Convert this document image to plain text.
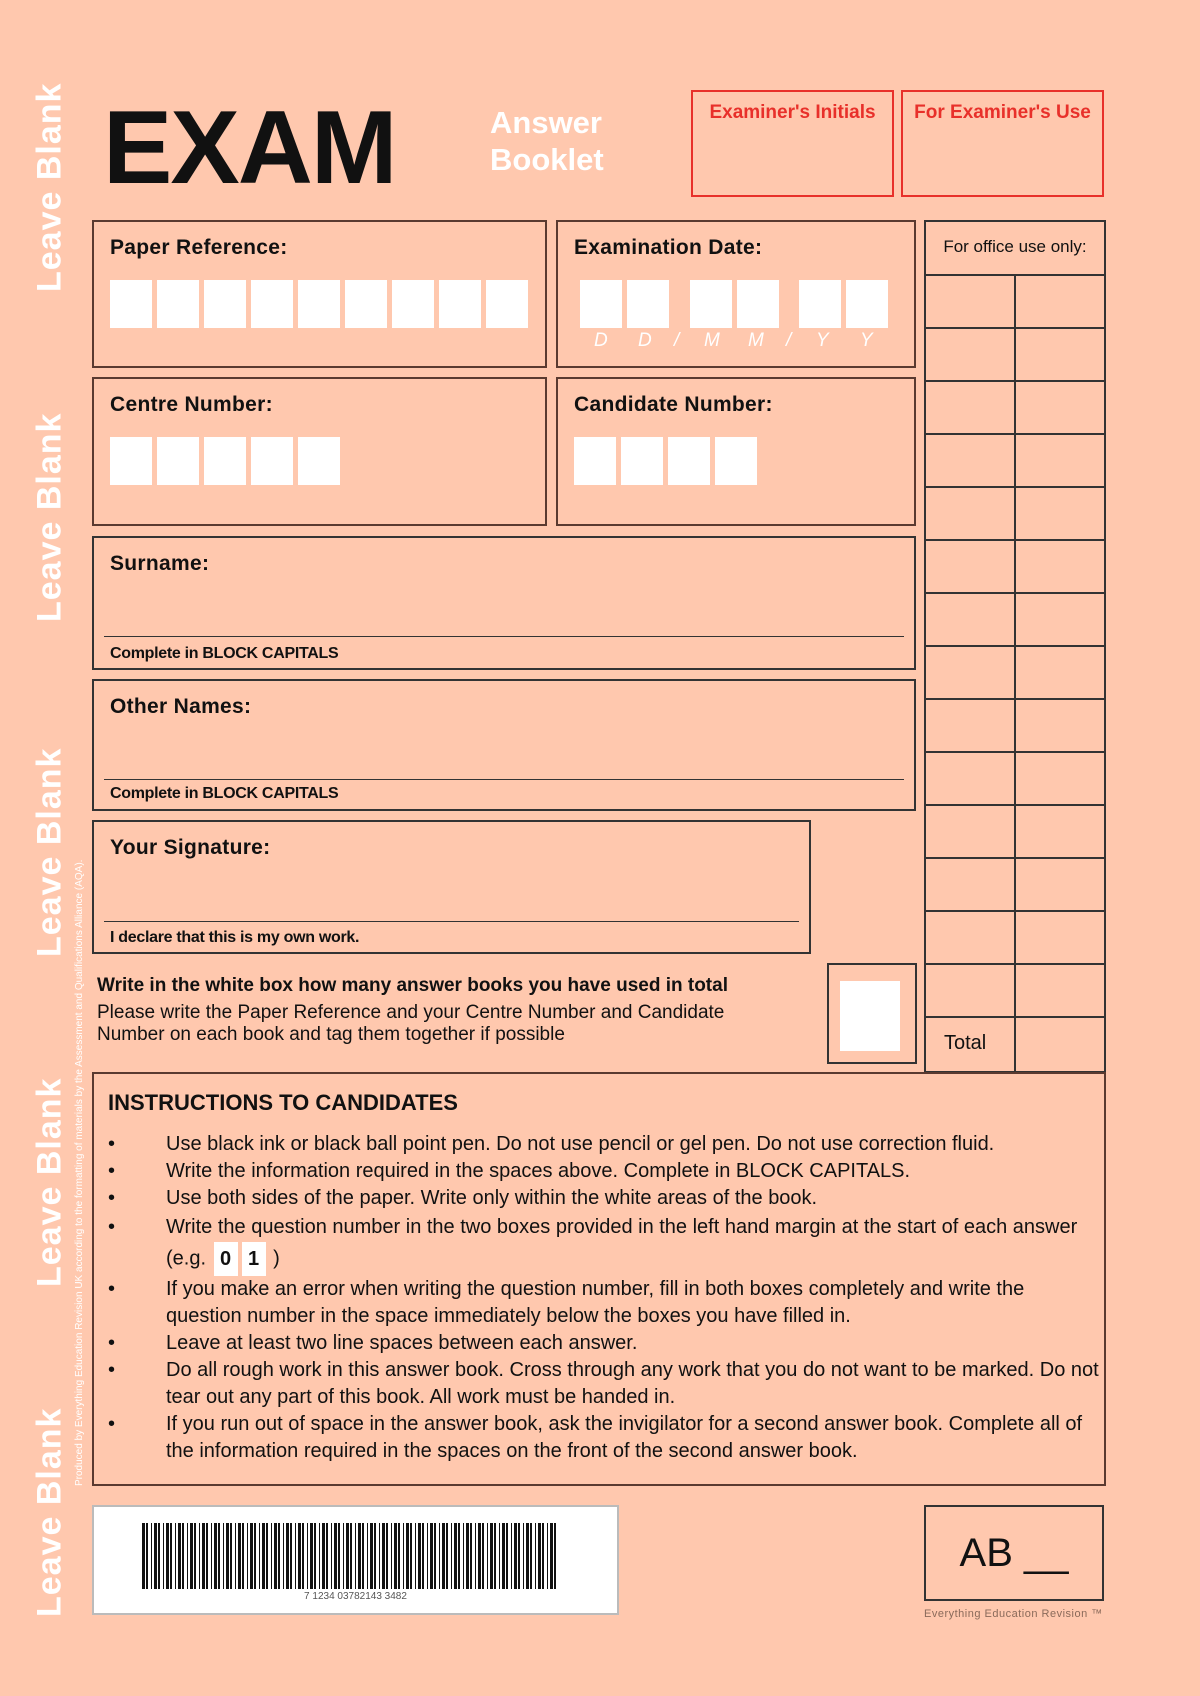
Leave Blank
Leave Blank
Leave Blank
Leave Blank
Leave Blank
Produced by Everything Education Revision UK according to the formatting of materials by the Assessment and Qualifications Alliance (AQA).
EXAM	Answer
Booklet
Examiner's Initials	For Examiner's Use
Paper Reference:	Examination Date:
D D / M M / Y Y
Centre Number:	Candidate Number:
Surname:
Complete in BLOCK CAPITALS
Other Names:
Complete in BLOCK CAPITALS
Your Signature:
I declare that this is my own work.
For office use only:
Total
Write in the white box how many answer books you have used in total
Please write the Paper Reference and your Centre Number and Candidate Number on each book and tag them together if possible
INSTRUCTIONS TO CANDIDATES
• Use black ink or black ball point pen. Do not use pencil or gel pen. Do not use correction fluid.
• Write the information required in the spaces above. Complete in BLOCK CAPITALS.
• Use both sides of the paper. Write only within the white areas of the book.
• Write the question number in the two boxes provided in the left hand margin at the start of each answer (e.g. 0 1 )
• If you make an error when writing the question number, fill in both boxes completely and write the question number in the space immediately below the boxes you have filled in.
• Leave at least two line spaces between each answer.
• Do all rough work in this answer book. Cross through any work that you do not want to be marked. Do not tear out any part of this book. All work must be handed in.
• If you run out of space in the answer book, ask the invigilator for a second answer book. Complete all of the information required in the spaces on the front of the second answer book.
7 1234 03782143 3482
AB __
Everything Education Revision ™
